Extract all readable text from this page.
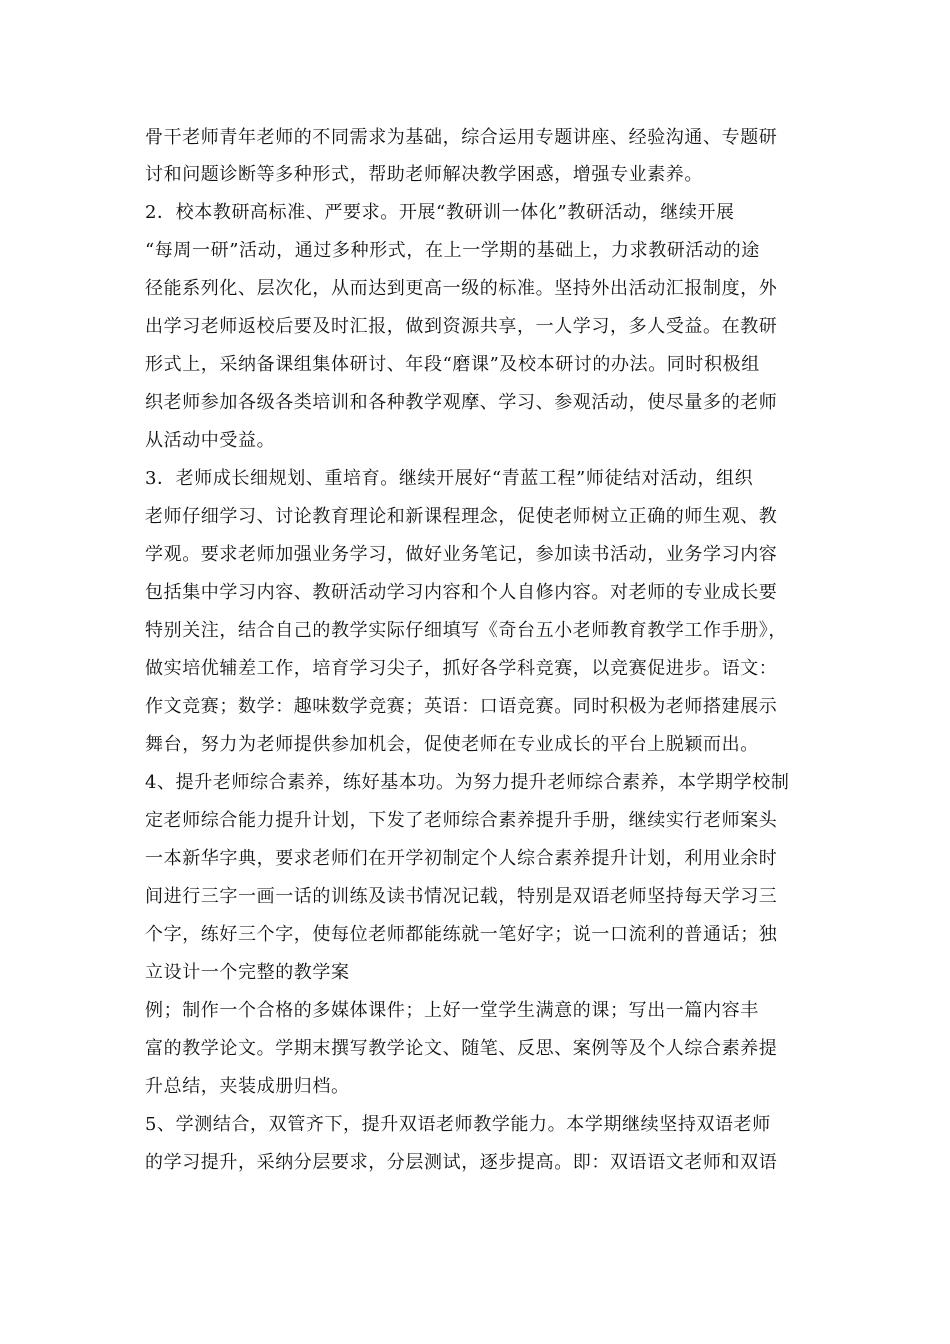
骨干老师青年老师的不同需求为基础，综合运用专题讲座、经验沟通、专题研
讨和问题诊断等多种形式，帮助老师解决教学困惑，增强专业素养。
2．校本教研高标准、严要求。开展“教研训一体化”教研活动，继续开展
“每周一研”活动，通过多种形式，在上一学期的基础上，力求教研活动的途
径能系列化、层次化，从而达到更高一级的标准。坚持外出活动汇报制度，外
出学习老师返校后要及时汇报，做到资源共享，一人学习，多人受益。在教研
形式上，采纳备课组集体研讨、年段“磨课”及校本研讨的办法。同时积极组
织老师参加各级各类培训和各种教学观摩、学习、参观活动，使尽量多的老师
从活动中受益。
3．老师成长细规划、重培育。继续开展好“青蓝工程”师徒结对活动，组织
老师仔细学习、讨论教育理论和新课程理念，促使老师树立正确的师生观、教
学观。要求老师加强业务学习，做好业务笔记，参加读书活动，业务学习内容
包括集中学习内容、教研活动学习内容和个人自修内容。对老师的专业成长要
特别关注，结合自己的教学实际仔细填写《奇台五小老师教育教学工作手册》，
做实培优辅差工作，培育学习尖子，抓好各学科竞赛，以竞赛促进步。语文：
作文竞赛；数学：趣味数学竞赛；英语：口语竞赛。同时积极为老师搭建展示
舞台，努力为老师提供参加机会，促使老师在专业成长的平台上脱颖而出。
4、提升老师综合素养，练好基本功。为努力提升老师综合素养，本学期学校制
定老师综合能力提升计划，下发了老师综合素养提升手册，继续实行老师案头
一本新华字典，要求老师们在开学初制定个人综合素养提升计划，利用业余时
间进行三字一画一话的训练及读书情况记载，特别是双语老师坚持每天学习三
个字，练好三个字，使每位老师都能练就一笔好字；说一口流利的普通话；独
立设计一个完整的教学案
例；制作一个合格的多媒体课件；上好一堂学生满意的课；写出一篇内容丰
富的教学论文。学期末撰写教学论文、随笔、反思、案例等及个人综合素养提
升总结，夹装成册归档。
5、学测结合，双管齐下，提升双语老师教学能力。本学期继续坚持双语老师
的学习提升，采纳分层要求，分层测试，逐步提高。即：双语语文老师和双语
